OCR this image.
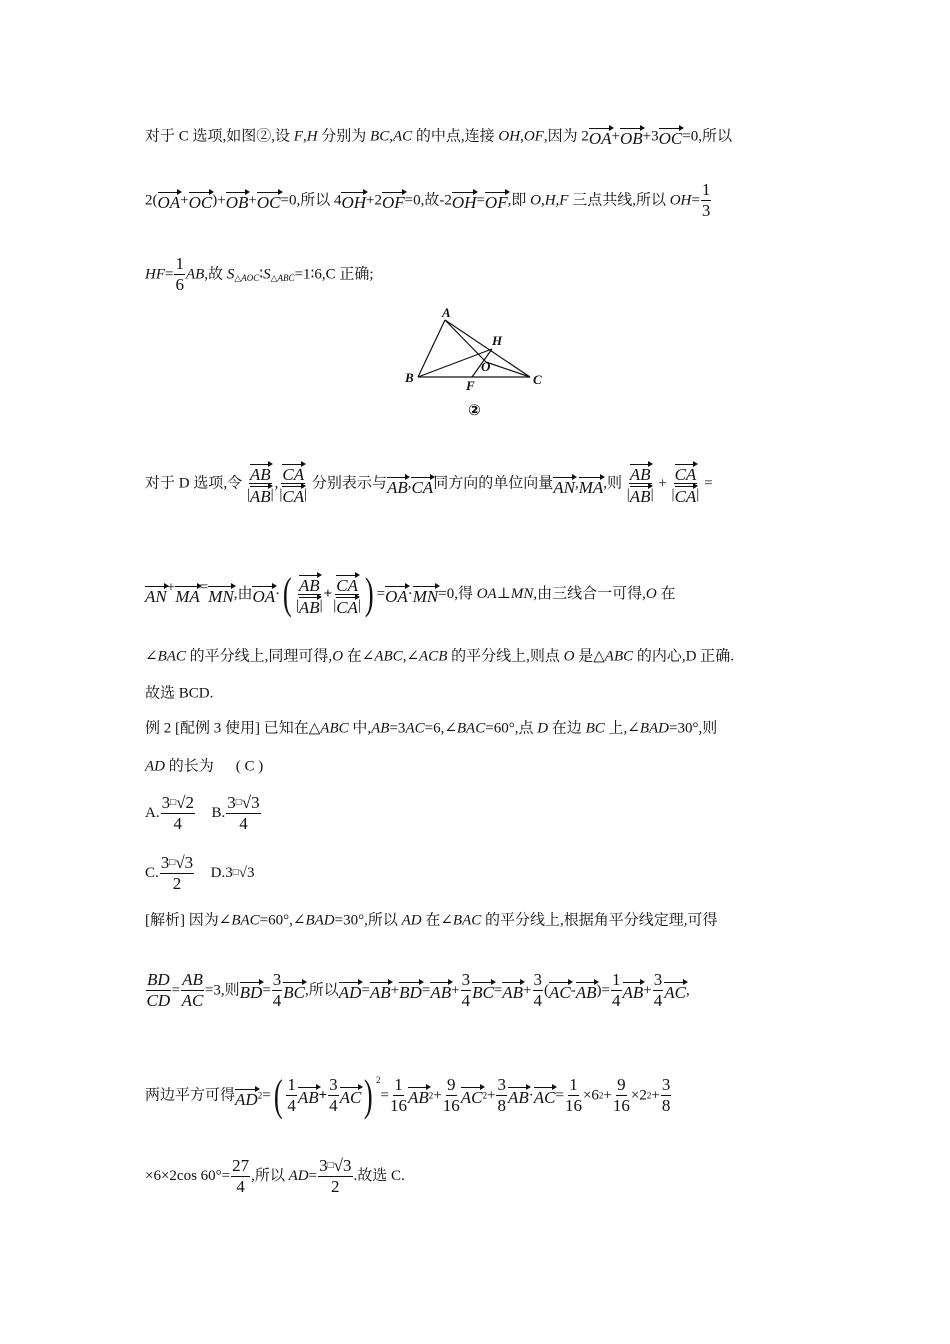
对于 C 选项,如图②,设 F,H 分别为 BC,AC 的中点,连接 OH,OF,因为 2OA+OB+3OC=0,所以
2(OA+OC)+OB+OC=0,所以 4OH+2OF=0,故-2OH=OF,即 O,H,F 三点共线,所以 $OH= \frac{1}{3}$
$HF= \frac{1}{6}$ AB,故 $S_{\triangle AOC}∶S_{\triangle ABC}=1∶6,C$ 正确;
A
B	C
H
O
F
②
对于 D 选项,令 $\frac{AB}{|AB|}$ , $\frac{CA}{|CA|}$ 分别表示与AB,CA同方向的单位向量AN,MA,则 $\frac{AB}{|AB|} + \frac{CA}{|CA|}$ =
AN+MA=MN,由$OA\cdot( \frac{AB}{|AB|} + \frac{CA}{|CA|}$ ) =OA·MN=0,得 OA⊥MN,由三线合一可得,O 在
∠BAC 的平分线上,同理可得,O 在∠ABC,∠ACB 的平分线上,则点 O 是△ABC 的内心,D 正确.
故选 BCD.
例 2 [配例 3 使用] 已知在△ABC 中,AB=3AC=6,∠BAC=60°,点 D 在边 BC 上,∠BAD=30°,则
AD 的长为 ( C )
A. $\frac{3□√2}{4} B$. $\frac{3□√3}{4}$
C. $\frac{3□√3}{2}$ D.3□√3
[解析] 因为∠BAC=60°,∠BAD=30°,所以 AD 在∠BAC 的平分线上,根据角平分线定理,可得
$\frac{BD}{CD} = \frac{AB}{AC} =3$,则$BD= \frac{3}{4}$ BC,所以$AD=AB+BD=AB+ \frac{3}{4} BC=AB+ \frac{3}{4} (AC-AB)= \frac{1}{4} AB+ \frac{3}{4}$ AC,
两边平方可得$AD2=( \frac{1}{4} AB+ \frac{3}{4} AC)$ $^2= \frac{1}{16} AB2+ \frac{9}{16} AC2+ \frac{3}{8} AB\cdot AC= \frac{1}{16} \times 62+ \frac{9}{16} \times 22+ \frac{3}{8}$
×6×2cos $60^\circ= \frac{27}{4}$ ,所以 $AD= \frac{3□√3}{2}$ .故选 C.
